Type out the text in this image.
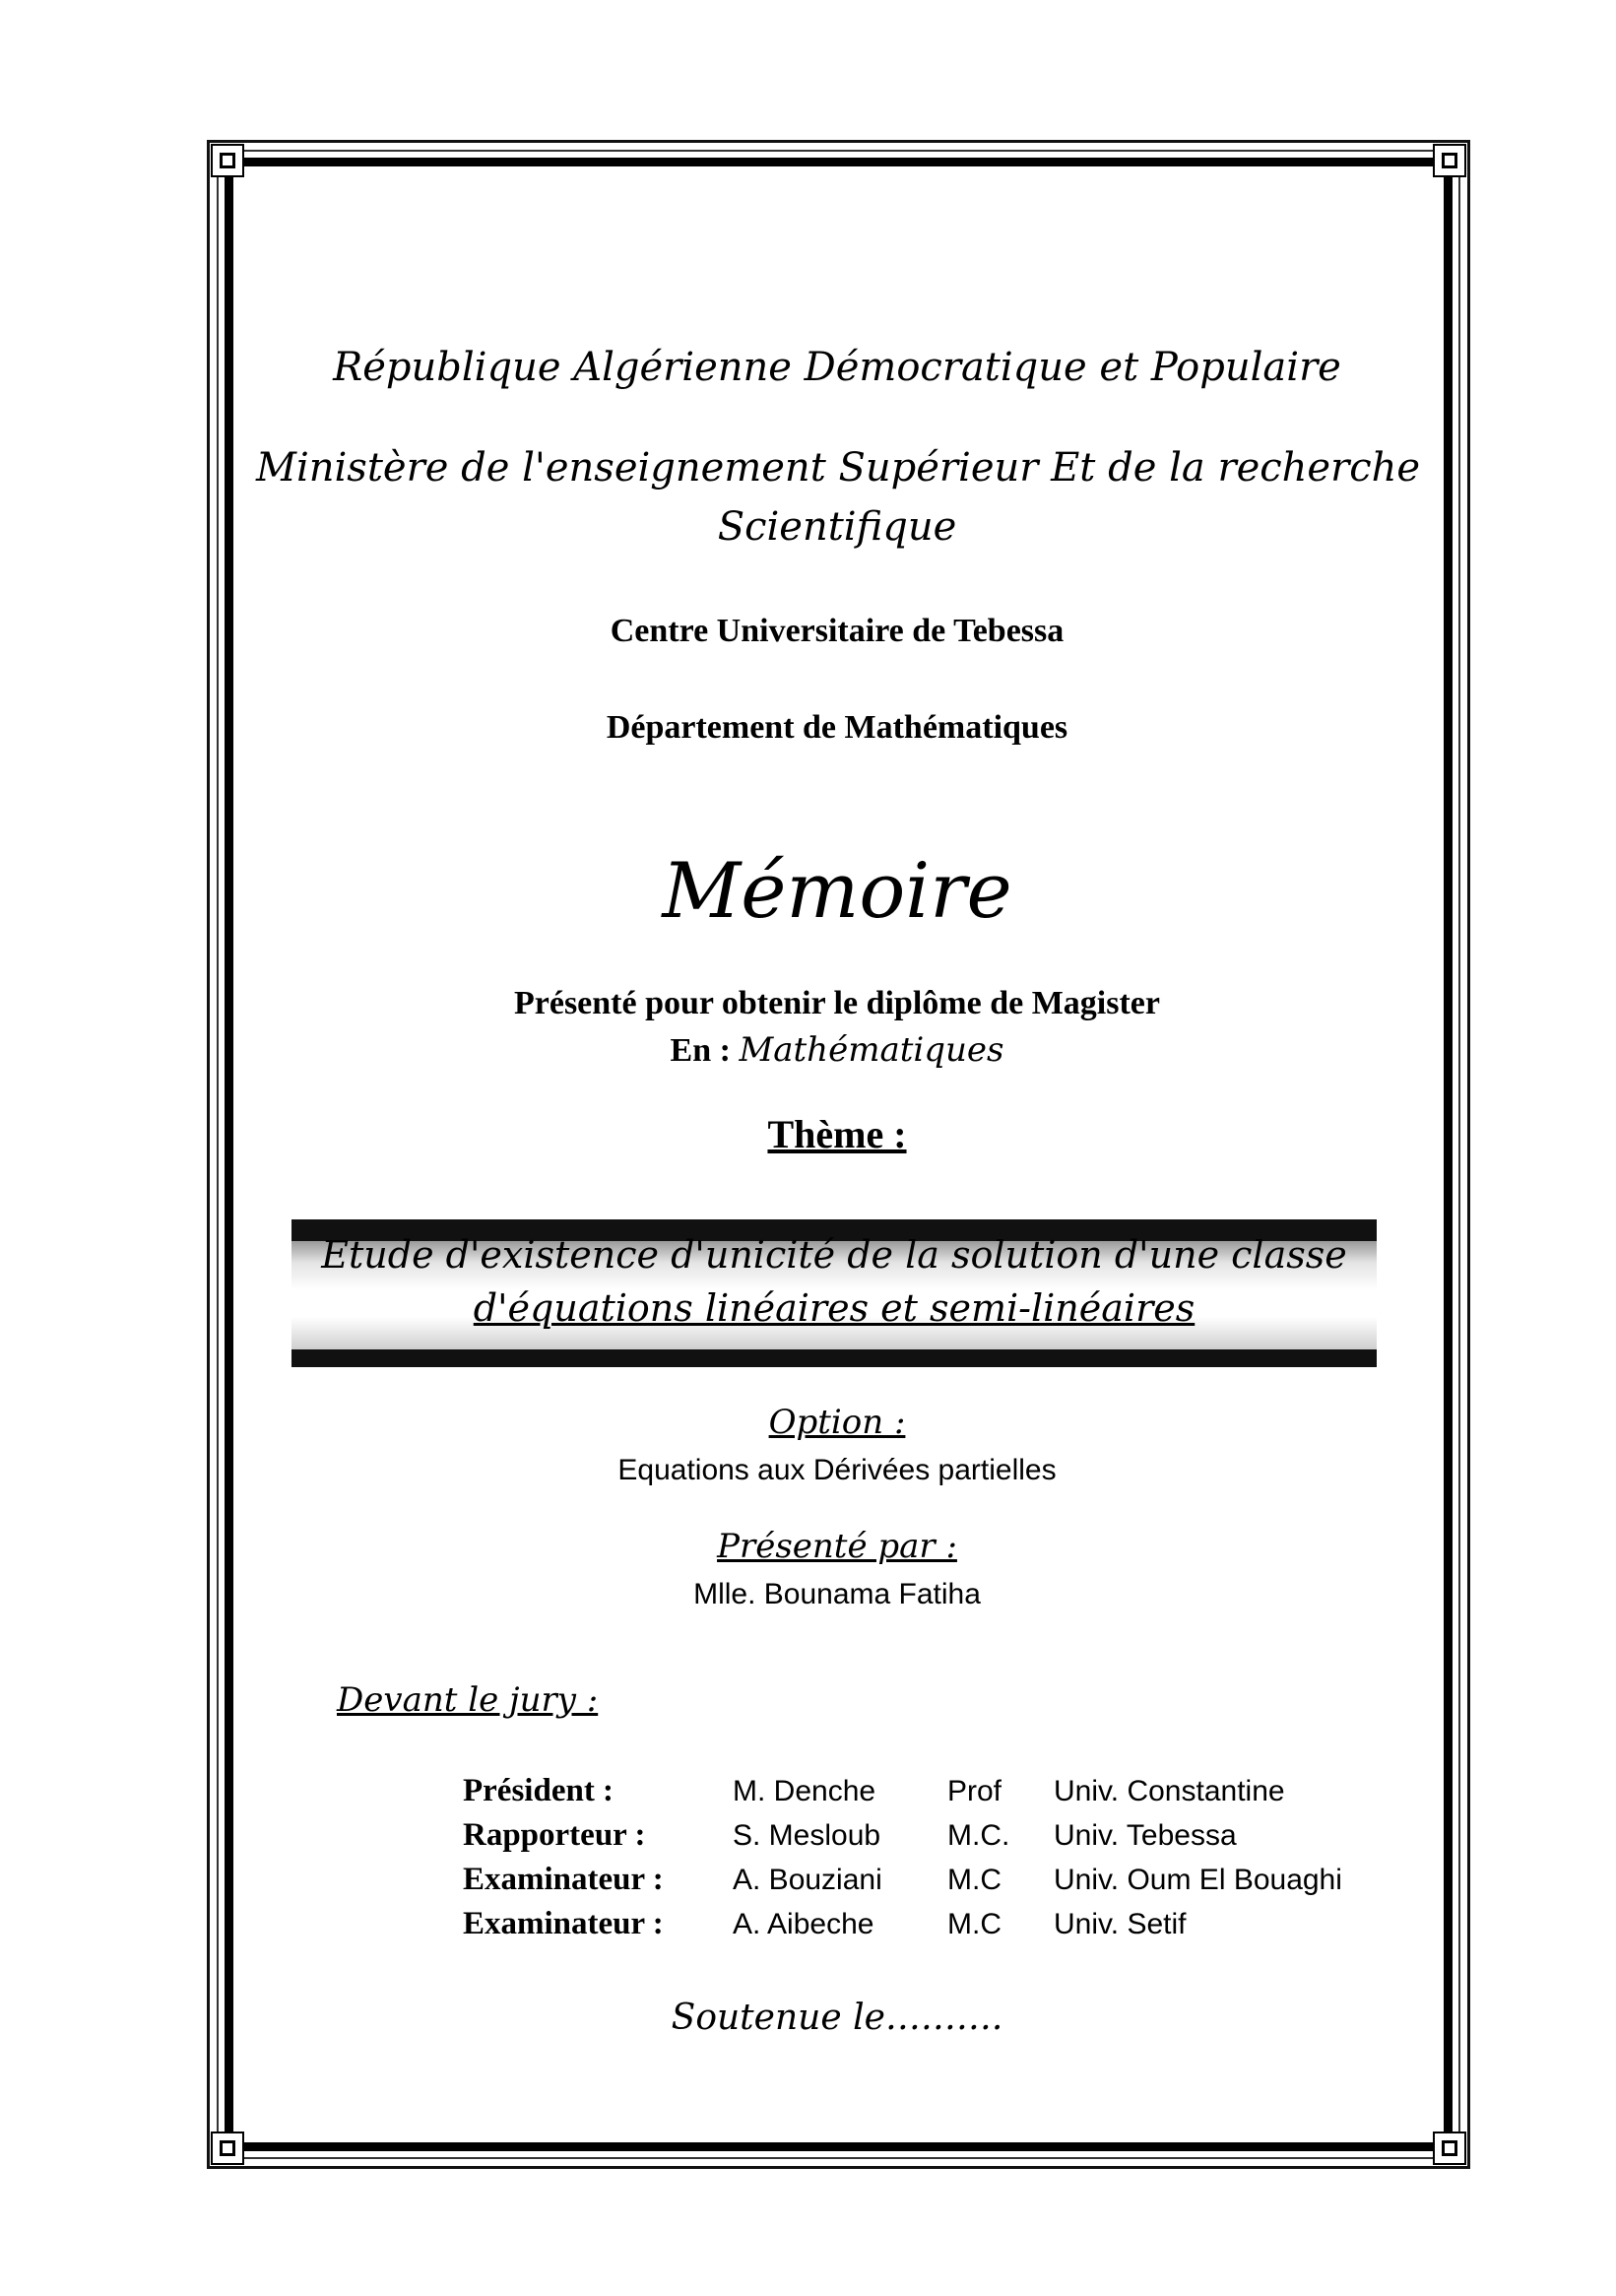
République Algérienne Démocratique et Populaire
Ministère de l'enseignement Supérieur Et de la recherche
Scientifique
Centre Universitaire de Tebessa
Département de Mathématiques
Mémoire
Présenté pour obtenir le diplôme de Magister
En : Mathématiques
Thème :
Etude d'existence d'unicité de la solution d'une classe
d'équations linéaires et semi-linéaires
Option :
Equations aux Dérivées partielles
Présenté par :
Mlle. Bounama Fatiha
Devant le jury :
Président :	M. Denche	Prof	Univ. Constantine
Rapporteur :	S. Mesloub	M.C.	Univ. Tebessa
Examinateur :	A. Bouziani	M.C	Univ. Oum El Bouaghi
Examinateur :	A. Aibeche	M.C	Univ. Setif
Soutenue le……….
